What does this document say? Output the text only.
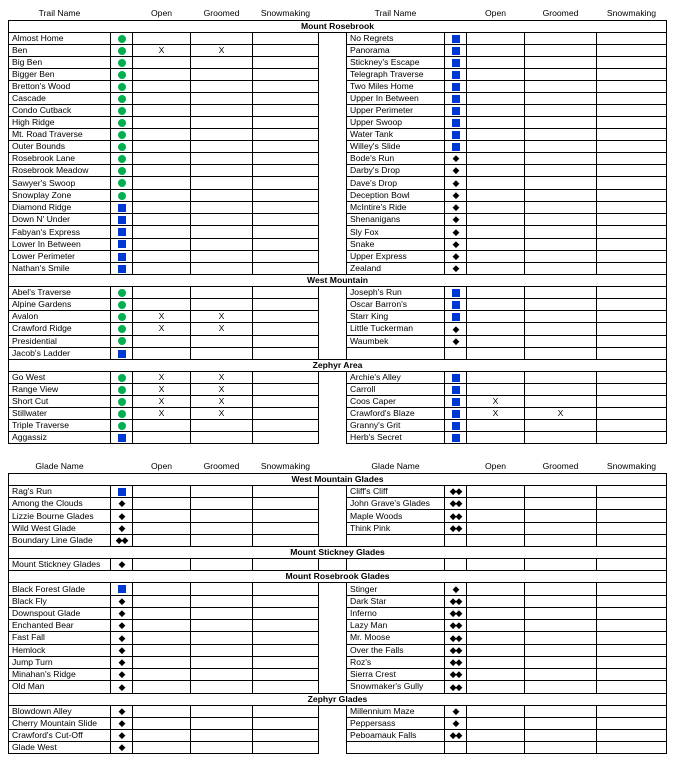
Trail Name		Open	Groomed	Snowmaking		Trail Name		Open	Groomed	Snowmaking
Mount Rosebrook										
Almost Home						No Regrets				
Ben		X	X			Panorama				
Big Ben						Stickney's Escape				
Bigger Ben						Telegraph Traverse				
Bretton's Wood						Two Miles Home				
Cascade						Upper In Between				
Condo Cutback						Upper Perimeter				
High Ridge						Upper Swoop				
Mt. Road Traverse						Water Tank				
Outer Bounds						Willey's Slide				
Rosebrook Lane						Bode's Run	◆			
Rosebrook Meadow						Darby's Drop	◆			
Sawyer's Swoop						Dave's Drop	◆			
Snowplay Zone						Deception Bowl	◆			
Diamond Ridge						McIntire's Ride	◆			
Down N' Under						Shenanigans	◆			
Fabyan's Express						Sly Fox	◆			
Lower In Between						Snake	◆			
Lower Perimeter						Upper Express	◆			
Nathan's Smile						Zealand	◆			
West Mountain										
Abel's Traverse						Joseph's Run				
Alpine Gardens						Oscar Barron's				
Avalon		X	X			Starr King				
Crawford Ridge		X	X			Little Tuckerman	◆			
Presidential						Waumbek	◆			
Jacob's Ladder										
Zephyr Area										
Go West		X	X			Archie's Alley				
Range View		X	X			Carroll				
Short Cut		X	X			Coos Caper		X		
Stillwater		X	X			Crawford's Blaze		X	X	
Triple Traverse						Granny's Grit				
Aggassiz						Herb's Secret				
Glade Name		Open	Groomed	Snowmaking		Glade Name		Open	Groomed	Snowmaking
West Mountain Glades										
Rag's Run						Cliff's Cliff	◆◆			
Among the Clouds	◆					John Grave's Glades	◆◆			
Lizzie Bourne Glades	◆					Maple Woods	◆◆			
Wild West Glade	◆					Think Pink	◆◆			
Boundary Line Glade	◆◆									
Mount Stickney Glades										
Mount Stickney Glades	◆									
Mount Rosebrook Glades										
Black Forest Glade						Stinger	◆			
Black Fly	◆					Dark Star	◆◆			
Downspout Glade	◆					Inferno	◆◆			
Enchanted Bear	◆					Lazy Man	◆◆			
Fast Fall	◆					Mr. Moose	◆◆			
Hemlock	◆					Over the Falls	◆◆			
Jump Turn	◆					Roz's	◆◆			
Minahan's Ridge	◆					Sierra Crest	◆◆			
Old Man	◆					Snowmaker's Gully	◆◆			
Zephyr Glades										
Blowdown Alley	◆					Millennium Maze	◆			
Cherry Mountain Slide	◆					Peppersass	◆			
Crawford's Cut-Off	◆					Peboamauk Falls	◆◆			
Glade West	◆									
